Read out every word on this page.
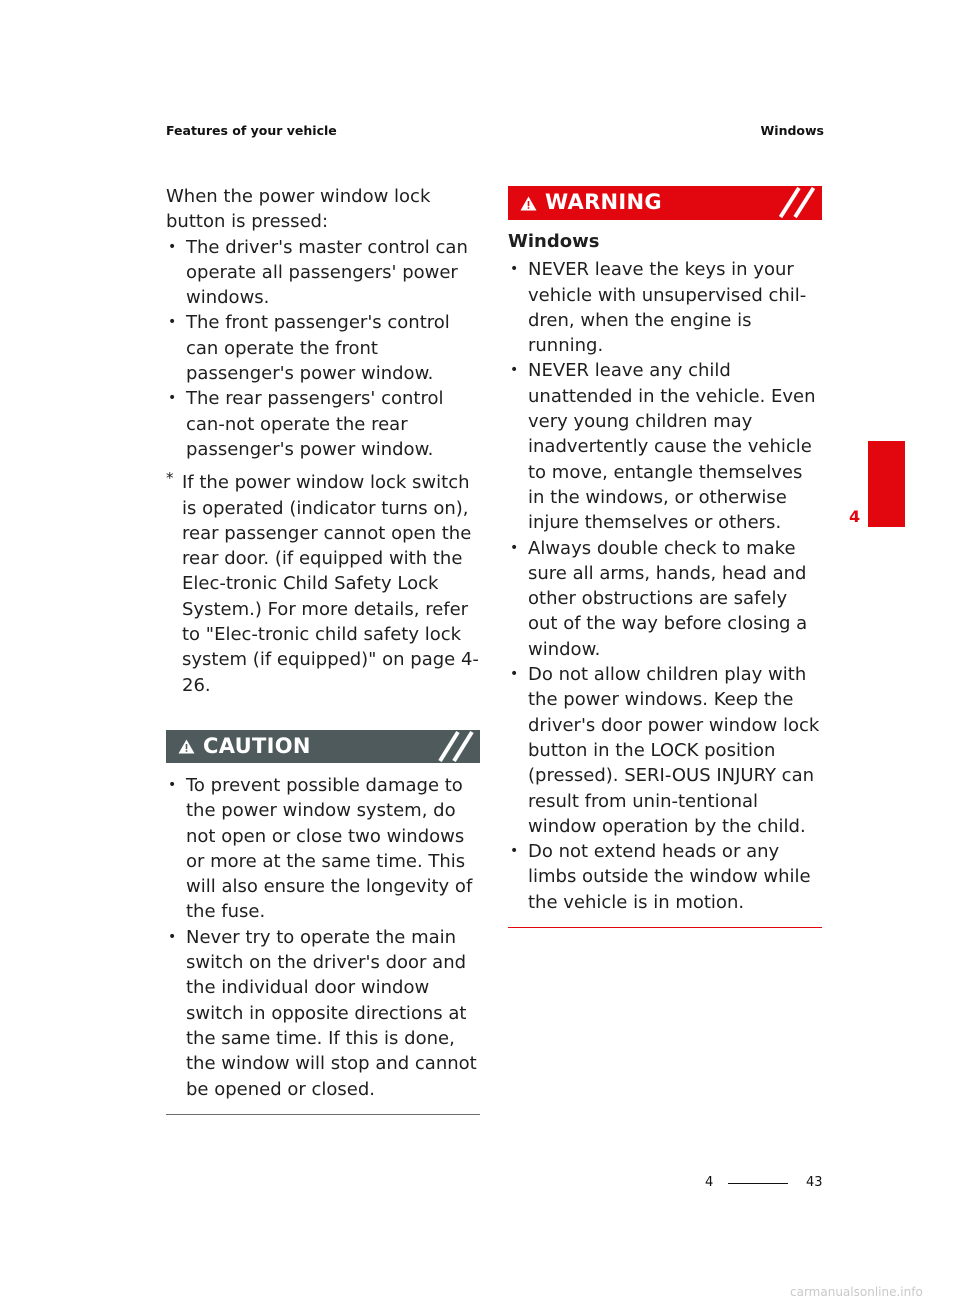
Features of your vehicle	Windows

When the power window lock button is pressed:

• The driver's master control can operate all passengers' power windows.
• The front passenger's control can operate the front passenger's power window.
• The rear passengers' control can-not operate the rear passenger's power window.
* If the power window lock switch is operated (indicator turns on), rear passenger cannot open the rear door. (if equipped with the Elec-tronic Child Safety Lock System.) For more details, refer to "Elec-tronic child safety lock system (if equipped)" on page 4-26.
CAUTION
• To prevent possible damage to the power window system, do not open or close two windows or more at the same time. This will also ensure the longevity of the fuse.
• Never try to operate the main switch on the driver's door and the individual door window switch in opposite directions at the same time. If this is done, the window will stop and cannot be opened or closed.
WARNING
Windows
• NEVER leave the keys in your vehicle with unsupervised chil-dren, when the engine is running.
• NEVER leave any child unattended in the vehicle. Even very young children may inadvertently cause the vehicle to move, entangle themselves in the windows, or otherwise injure themselves or others.
• Always double check to make sure all arms, hands, head and other obstructions are safely out of the way before closing a window.
• Do not allow children play with the power windows. Keep the driver's door power window lock button in the LOCK position (pressed). SERI-OUS INJURY can result from unin-tentional window operation by the child.
• Do not extend heads or any limbs outside the window while the vehicle is in motion.
4
4	43
carmanualsonline.info
